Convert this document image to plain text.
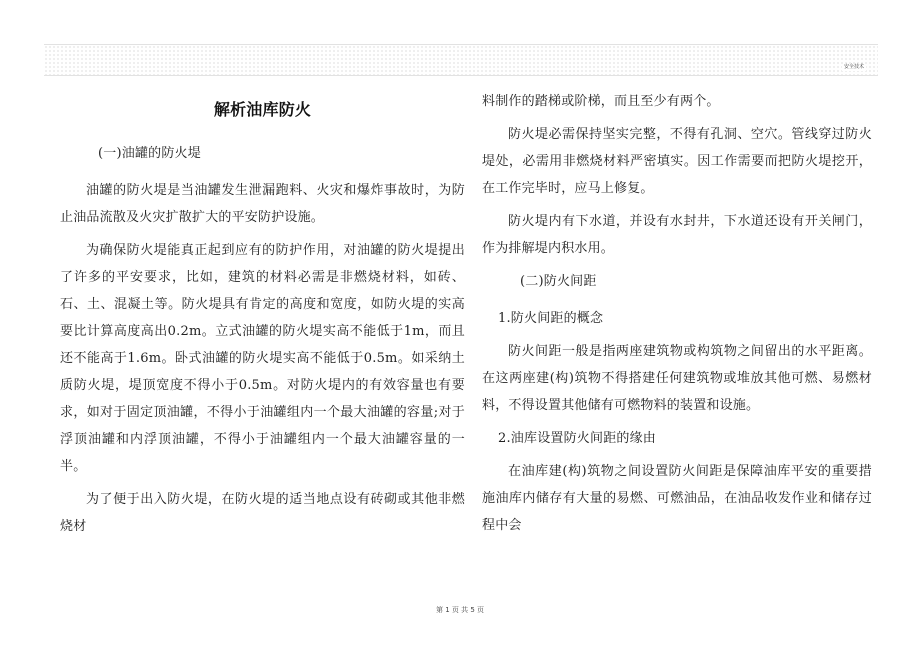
安全技术
解析油库防火

(一)油罐的防火堤

油罐的防火堤是当油罐发生泄漏跑料、火灾和爆炸事故时，为防止油品流散及火灾扩散扩大的平安防护设施。

为确保防火堤能真正起到应有的防护作用，对油罐的防火堤提出了许多的平安要求，比如，建筑的材料必需是非燃烧材料，如砖、石、土、混凝土等。防火堤具有肯定的高度和宽度，如防火堤的实高要比计算高度高出0.2m。立式油罐的防火堤实高不能低于1m，而且还不能高于1.6m。卧式油罐的防火堤实高不能低于0.5m。如采纳土质防火堤，堤顶宽度不得小于0.5m。对防火堤内的有效容量也有要求，如对于固定顶油罐，不得小于油罐组内一个最大油罐的容量;对于浮顶油罐和内浮顶油罐，不得小于油罐组内一个最大油罐容量的一半。

为了便于出入防火堤，在防火堤的适当地点设有砖砌或其他非燃烧材

料制作的踏梯或阶梯，而且至少有两个。

防火堤必需保持坚实完整，不得有孔洞、空穴。管线穿过防火堤处，必需用非燃烧材料严密填实。因工作需要而把防火堤挖开，在工作完毕时，应马上修复。

防火堤内有下水道，并设有水封井，下水道还设有开关闸门，作为排解堤内积水用。

(二)防火间距

1.防火间距的概念

防火间距一般是指两座建筑物或构筑物之间留出的水平距离。在这两座建(构)筑物不得搭建任何建筑物或堆放其他可燃、易燃材料，不得设置其他储有可燃物料的装置和设施。

2.油库设置防火间距的缘由

在油库建(构)筑物之间设置防火间距是保障油库平安的重要措施油库内储存有大量的易燃、可燃油品，在油品收发作业和储存过程中会

第 1 页 共 5 页
